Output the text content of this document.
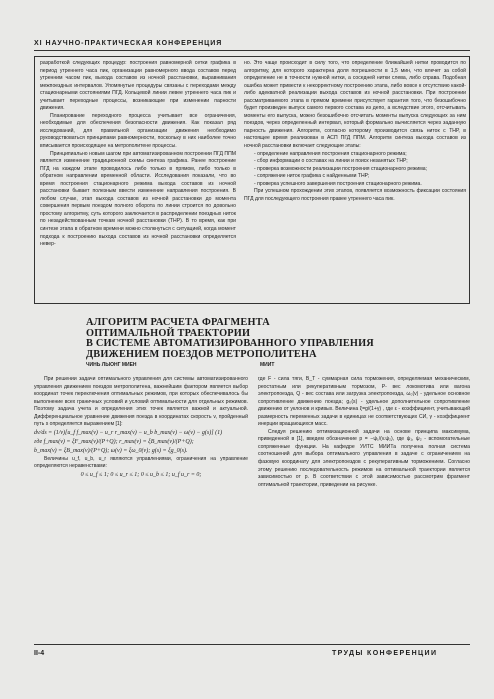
XI НАУЧНО-ПРАКТИЧЕСКАЯ КОНФЕРЕНЦИЯ

разработкой следующих процедур: построения равномерной сетки графика в период утреннего часа пик, организации равномерного ввода составов перед утренним часом пик, выхода составов из ночной расстановки, выравнивания межпоездных интервалов. Упомянутые процедуры связаны с переходами между стационарными состояниями ПГД. Кольцевой линии левее утреннего часа пик и учитывает переходные процессы, возникающие при изменении парности движения.

Планирование переходного процесса учитывает все ограничения, необходимые для обеспечения безопасности движения. Как показал ряд исследований, для правильной организации движения необходимо руководствоваться принципами равномерности, поскольку в них наиболее точно вписывается происходящее на метрополитене процессы.

Принципиально новым шагом при автоматизированном построении ПГД ППМ является изменение традиционной схемы синтеза графика. Ранее построение ПГД на каждом этапе проводилось либо только в прямом, либо только в обратном направлении временной области. Исследования показали, что во время построения стационарного режима выхода составов из ночной расстановки бывает полезным ввести изменение направления построения. В любом случае, этап выхода составов из ночной расстановки до момента совершения первым поездом полного оборота по линии строится по довольно простому алгоритму, суть которого заключается в распределении поездных ниток по незадействованным точкам ночной расстановки (ТНР). В то время, как при синтезе этапа в обратном времени можно столкнуться с ситуацией, когда момент подхода к построению выхода составов из ночной расстановки определяется невер-

но. Это чаще происходит в силу того, что определение ближайшей нитки проводится по алгоритму, для которого характерна доля погрешности в 1,5 мин, что влечет за собой определение не в точности нужной нитки, а соседней нитки слева, либо справа. Подобная ошибка может привести к некорректному построению этапа, либо вовсе к отсутствию какой-либо адекватной реализации выхода составов из ночной расстановки. При построении рассматриваемого этапа в прямом времени присутствует гарантия того, что безошибочно будет произведен выпуск самого первого состава из депо, а вследствие этого, отсчитывать моменты его выпуска, можно безошибочно отсчитать моменты выпуска следующих за ним поездов, через определенный интервал, который формально вычисляется через заданную парность движения. Алгоритм, согласно которому производится связь ниток с ТНР, в настоящее время реализован в АСП ПГД ППМ. Алгоритм синтеза выхода составов из ночной расстановки включает следующие этапы:

- определение направления построения стационарного режима;
- сбор информации о составах на линии и поиск незанятых ТНР;
- проверка возможности реализации построения стационарного режима;
- сопряжение ниток графика с найденными ТНР;
- проверка успешного завершения построения стационарного режима.

При успешном прохождении этих этапов, появляется возможность фиксации состояния ПГД для последующего построения правее утреннего часа пик.

АЛГОРИТМ РАСЧЕТА ФРАГМЕНТА
ОПТИМАЛЬНОЙ ТРАЕКТОРИИ
В СИСТЕМЕ АВТОМАТИЗИРОВАННОГО УПРАВЛЕНИЯ
ДВИЖЕНИЕМ ПОЕЗДОВ МЕТРОПОЛИТЕНА
ЧИНЬ ЛЫОНГ МИЕН	МИИТ

При решении задачи оптимального управления для системы автоматизированного управления движением поездов метрополитена, важнейшим фактором является выбор координат точек переключения оптимальных режимов, при которых обеспечивалось бы выполнение всех граничных условий и условий оптимальности для отдельных режимов. Поэтому задача учета и определения этих точек является важной и актуальной. Дифференциальное уравнение движения поезда в координатах скорость v, пройденный путь s определяется выражением [1]:

dv/ds = (1/v)[u_f f_max(v) − u_r r_max(v) − u_b b_max(v) − ω(v) − g(s)] (1)
где f_max(v) = ξF_max(v)/(P+Q); r_max(v) = ξB_max(v)/(P+Q);
b_max(v) = ξB_max(v)/(P+Q); ω(v) = ξω_0(v); g(s) = ξg_0(s).

Величины u_f, u_b, u_r являются управлениями, ограничения на управление определяются неравенствами:

0 ≤ u_f ≤ 1; 0 ≤ u_r ≤ 1; 0 ≤ u_b ≤ 1; u_f u_r = 0;

где F - сила тяги, B_T - суммарная сила торможения, определяемая механическим, реостатным или рекуперативным тормозом, P- вес локомотива или вагона электропоезда, Q - вес состава или загрузка электропоезда, ω₀(v) - удельное основное сопротивление движению поезда; g₀(s) - удельное дополнительное сопротивление движению от уклонов и кривых. Величина ξ=g/(1+γ) , где ε - коэффициент, учитывающий размерность переменных задачи в единицах не соответствующих СИ, γ - коэффициент инерции вращающихся масс.

Следуя решению оптимизационной задачи на основе принципа максимума, приведенной в [1], введем обозначение p = −ψ₁/(v.ψ₂), где ψ₁, ψ₂ - вспомогательные сопряженные функции. На кафедре УИТС МИИТа получена полная система соотношений для выбора оптимального управления в задаче с ограничением на фазовую координату для электропоездов с рекуперативным торможением. Согласно этому решению последовательность режимов на оптимальной траектории является зависимостью от p. В соответствии с этой зависимостью рассмотрим фрагмент оптимальной траектории, приведении на рисунке.

II-4	ТРУДЫ КОНФЕРЕНЦИИ
